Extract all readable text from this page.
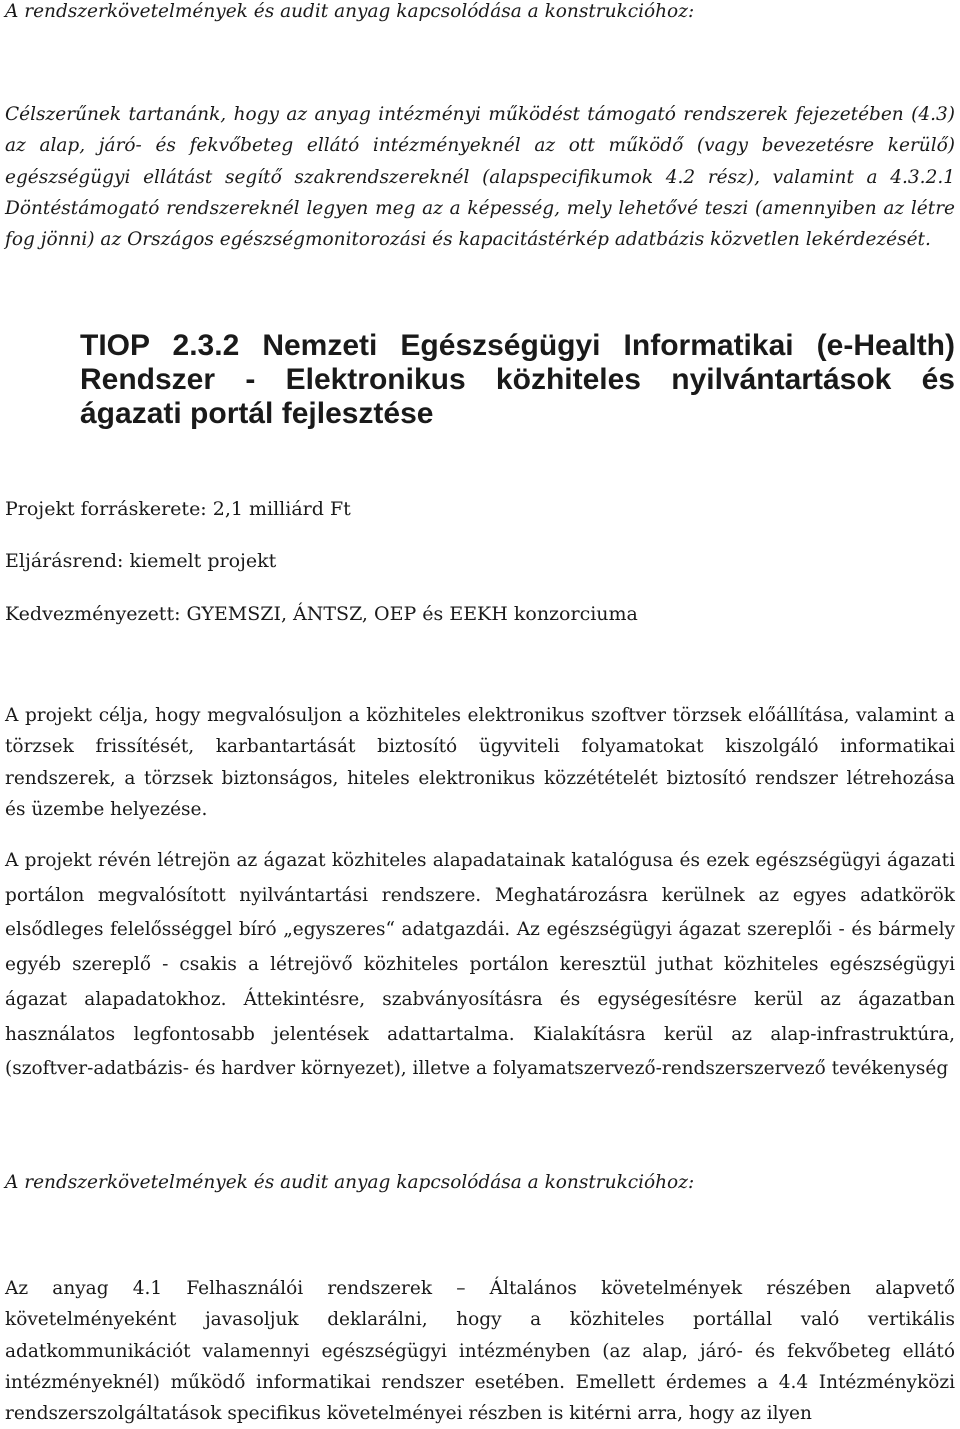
A rendszerkövetelmények és audit anyag kapcsolódása a konstrukcióhoz:
Célszerűnek tartanánk, hogy az anyag intézményi működést támogató rendszerek fejezetében (4.3) az alap, járó- és fekvőbeteg ellátó intézményeknél az ott működő (vagy bevezetésre kerülő) egészségügyi ellátást segítő szakrendszereknél (alapspecifikumok 4.2 rész), valamint a 4.3.2.1 Döntéstámogató rendszereknél legyen meg az a képesség, mely lehetővé teszi (amennyiben az létre fog jönni) az Országos egészségmonitorozási és kapacitástérkép adatbázis közvetlen lekérdezését.
TIOP 2.3.2 Nemzeti Egészségügyi Informatikai (e-Health) Rendszer - Elektronikus közhiteles nyilvántartások és ágazati portál fejlesztése
Projekt forráskerete: 2,1 milliárd Ft
Eljárásrend: kiemelt projekt
Kedvezményezett: GYEMSZI, ÁNTSZ, OEP és EEKH konzorciuma
A projekt célja, hogy megvalósuljon a közhiteles elektronikus szoftver törzsek előállítása, valamint a törzsek frissítését, karbantartását biztosító ügyviteli folyamatokat kiszolgáló informatikai rendszerek, a törzsek biztonságos, hiteles elektronikus közzétételét biztosító rendszer létrehozása és üzembe helyezése.
A projekt révén létrejön az ágazat közhiteles alapadatainak katalógusa és ezek egészségügyi ágazati portálon megvalósított nyilvántartási rendszere. Meghatározásra kerülnek az egyes adatkörök elsődleges felelősséggel bíró „egyszeres“ adatgazdái. Az egészségügyi ágazat szereplői - és bármely egyéb szereplő - csakis a létrejövő közhiteles portálon keresztül juthat közhiteles egészségügyi ágazat alapadatokhoz. Áttekintésre, szabványosításra és egységesítésre kerül az ágazatban használatos legfontosabb jelentések adattartalma. Kialakításra kerül az alap-infrastruktúra, (szoftver-adatbázis- és hardver környezet), illetve a folyamatszervező-rendszerszervező tevékenység
A rendszerkövetelmények és audit anyag kapcsolódása a konstrukcióhoz:
Az anyag 4.1 Felhasználói rendszerek – Általános követelmények részében alapvető követelményeként javasoljuk deklarálni, hogy a közhiteles portállal való vertikális adatkommunikációt valamennyi egészségügyi intézményben (az alap, járó- és fekvőbeteg ellátó intézményeknél) működő informatikai rendszer esetében. Emellett érdemes a 4.4 Intézményközi rendszerszolgáltatások specifikus követelményei részben is kitérni arra, hogy az ilyen
